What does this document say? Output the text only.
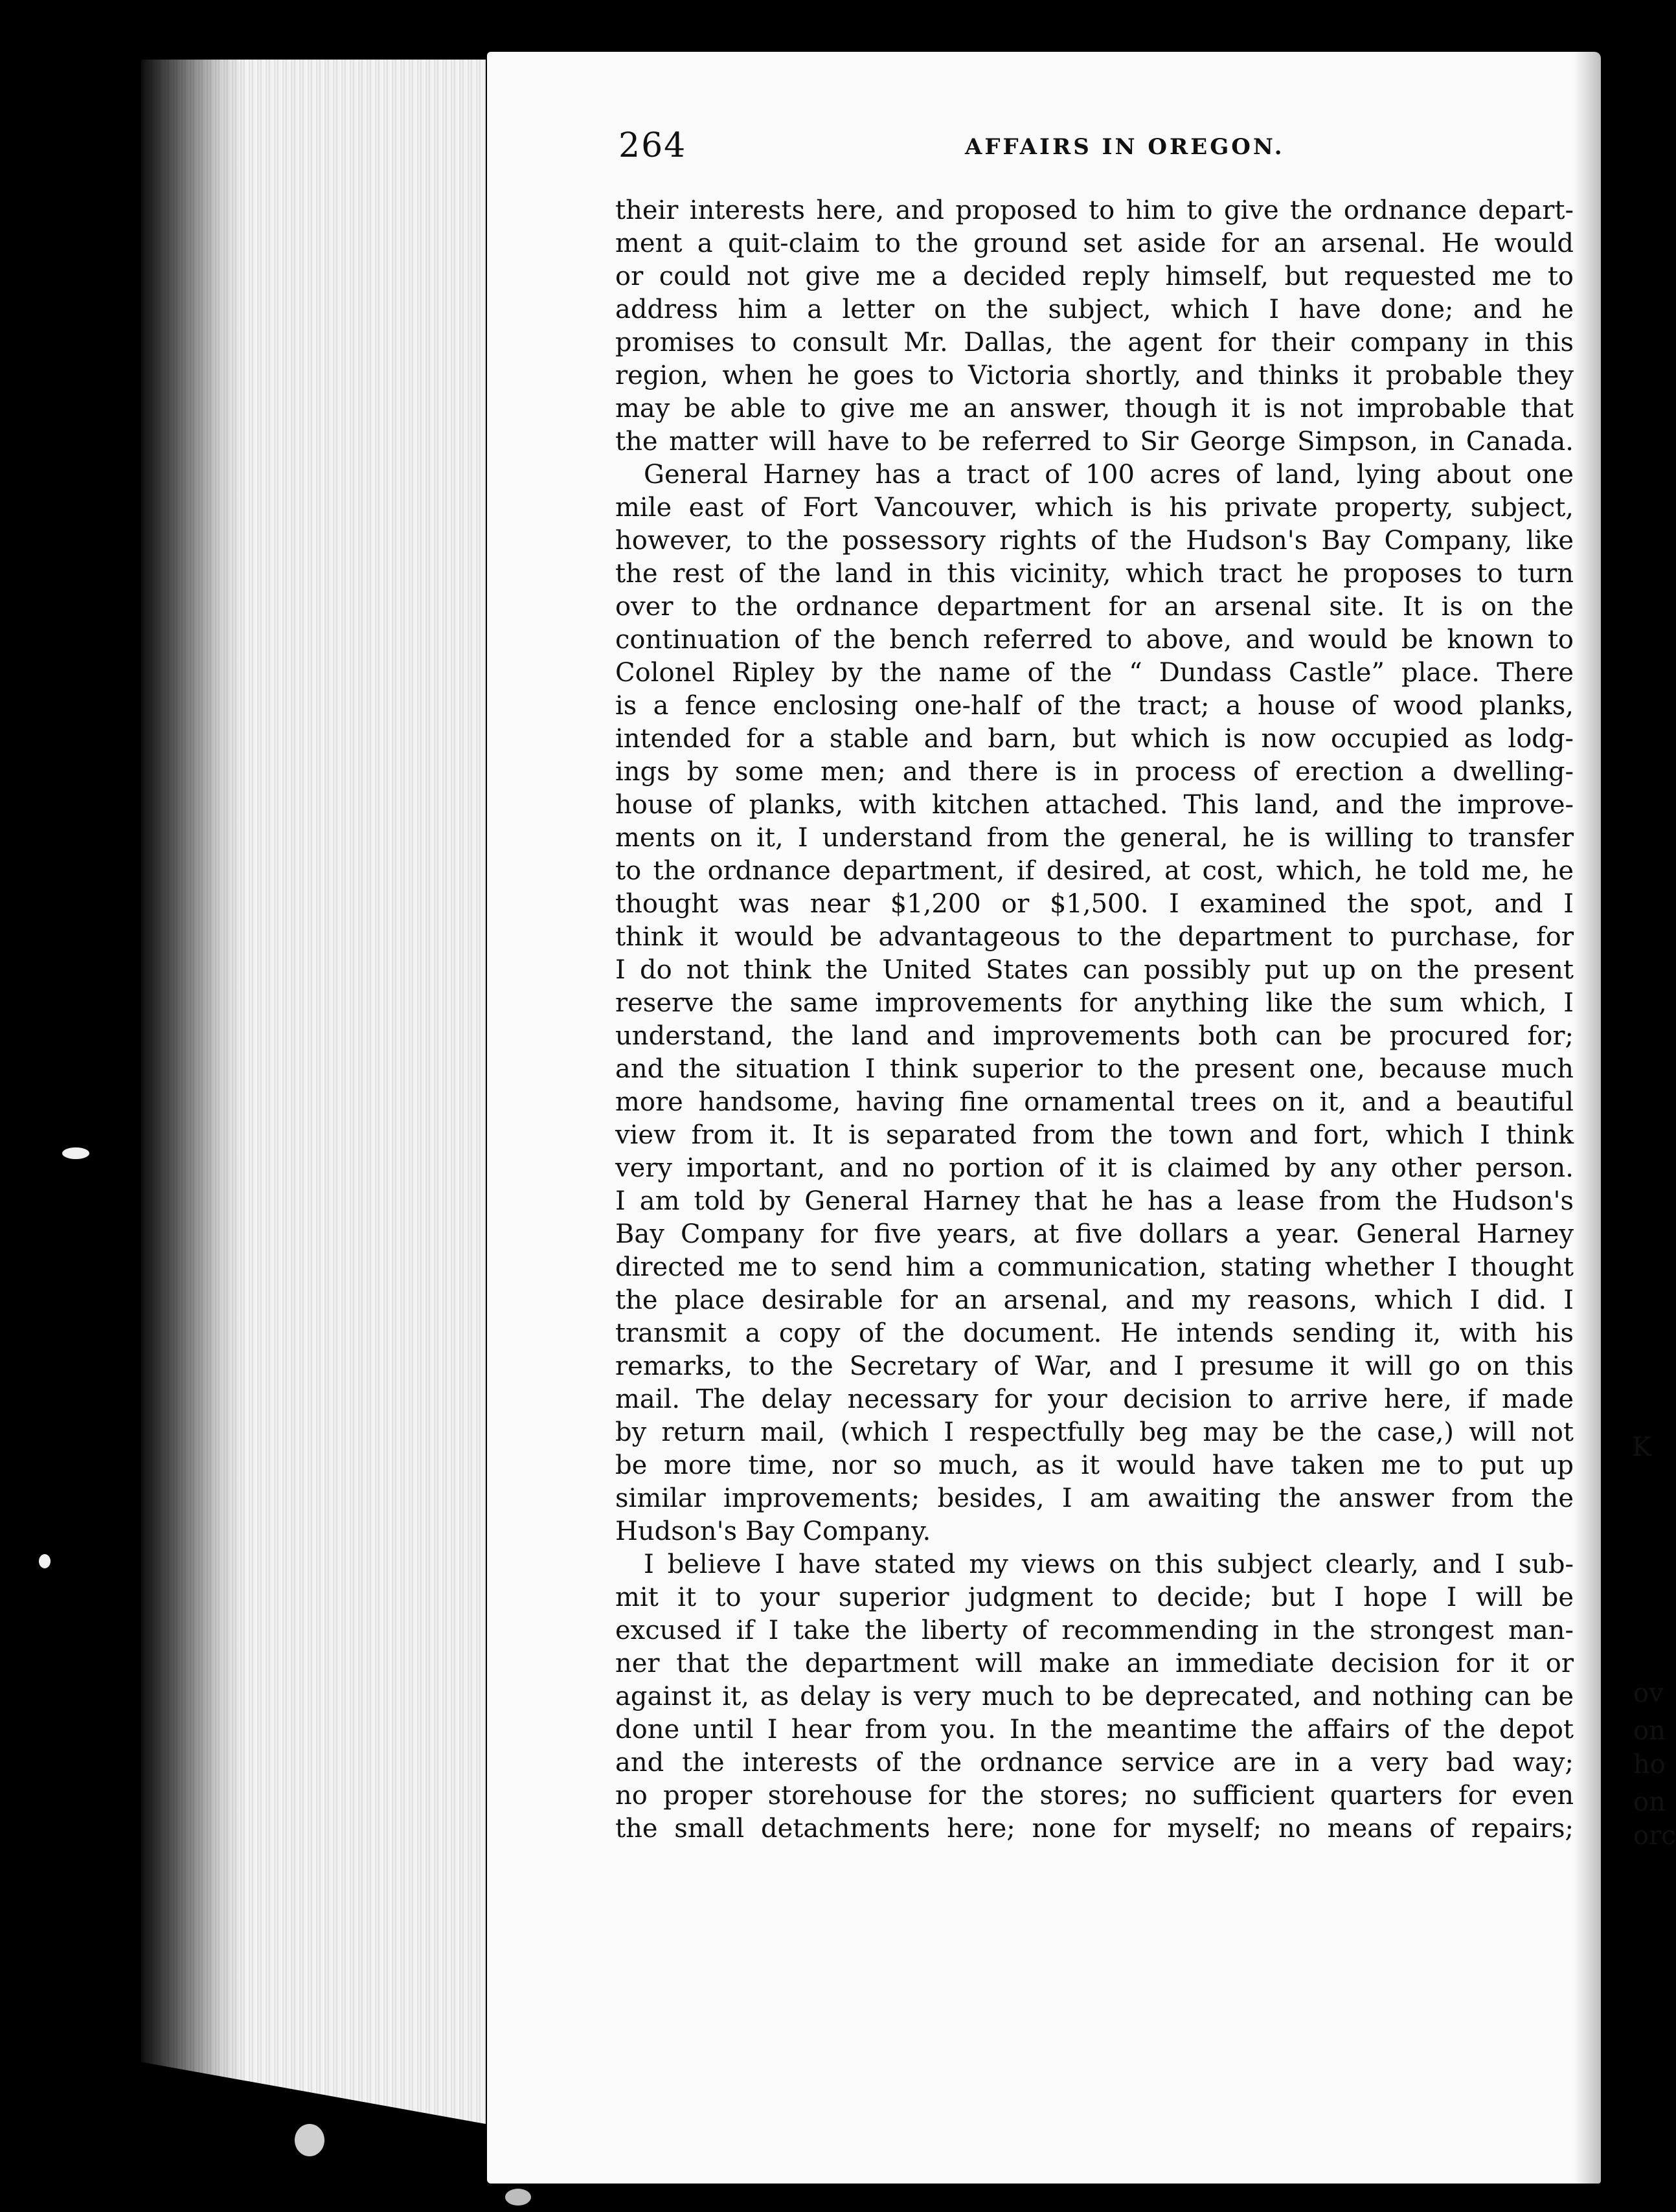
264	AFFAIRS IN OREGON.
their interests here, and proposed to him to give the ordnance depart-
ment a quit-claim to the ground set aside for an arsenal. He would
or could not give me a decided reply himself, but requested me to
address him a letter on the subject, which I have done; and he
promises to consult Mr. Dallas, the agent for their company in this
region, when he goes to Victoria shortly, and thinks it probable they
may be able to give me an answer, though it is not improbable that
the matter will have to be referred to Sir George Simpson, in Canada.
General Harney has a tract of 100 acres of land, lying about one
mile east of Fort Vancouver, which is his private property, subject,
however, to the possessory rights of the Hudson's Bay Company, like
the rest of the land in this vicinity, which tract he proposes to turn
over to the ordnance department for an arsenal site. It is on the
continuation of the bench referred to above, and would be known to
Colonel Ripley by the name of the “ Dundass Castle” place. There
is a fence enclosing one-half of the tract; a house of wood planks,
intended for a stable and barn, but which is now occupied as lodg-
ings by some men; and there is in process of erection a dwelling-
house of planks, with kitchen attached. This land, and the improve-
ments on it, I understand from the general, he is willing to transfer
to the ordnance department, if desired, at cost, which, he told me, he
thought was near $1,200 or $1,500. I examined the spot, and I
think it would be advantageous to the department to purchase, for
I do not think the United States can possibly put up on the present
reserve the same improvements for anything like the sum which, I
understand, the land and improvements both can be procured for;
and the situation I think superior to the present one, because much
more handsome, having fine ornamental trees on it, and a beautiful
view from it. It is separated from the town and fort, which I think
very important, and no portion of it is claimed by any other person.
I am told by General Harney that he has a lease from the Hudson's
Bay Company for five years, at five dollars a year. General Harney
directed me to send him a communication, stating whether I thought
the place desirable for an arsenal, and my reasons, which I did. I
transmit a copy of the document. He intends sending it, with his
remarks, to the Secretary of War, and I presume it will go on this
mail. The delay necessary for your decision to arrive here, if made
by return mail, (which I respectfully beg may be the case,) will not
be more time, nor so much, as it would have taken me to put up
similar improvements; besides, I am awaiting the answer from the
Hudson's Bay Company.
I believe I have stated my views on this subject clearly, and I sub-
mit it to your superior judgment to decide; but I hope I will be
excused if I take the liberty of recommending in the strongest man-
ner that the department will make an immediate decision for it or
against it, as delay is very much to be deprecated, and nothing can be
done until I hear from you. In the meantime the affairs of the depot
and the interests of the ordnance service are in a very bad way;
no proper storehouse for the stores; no sufficient quarters for even
the small detachments here; none for myself; no means of repairs;
K
ov
on
ho
on
orc
